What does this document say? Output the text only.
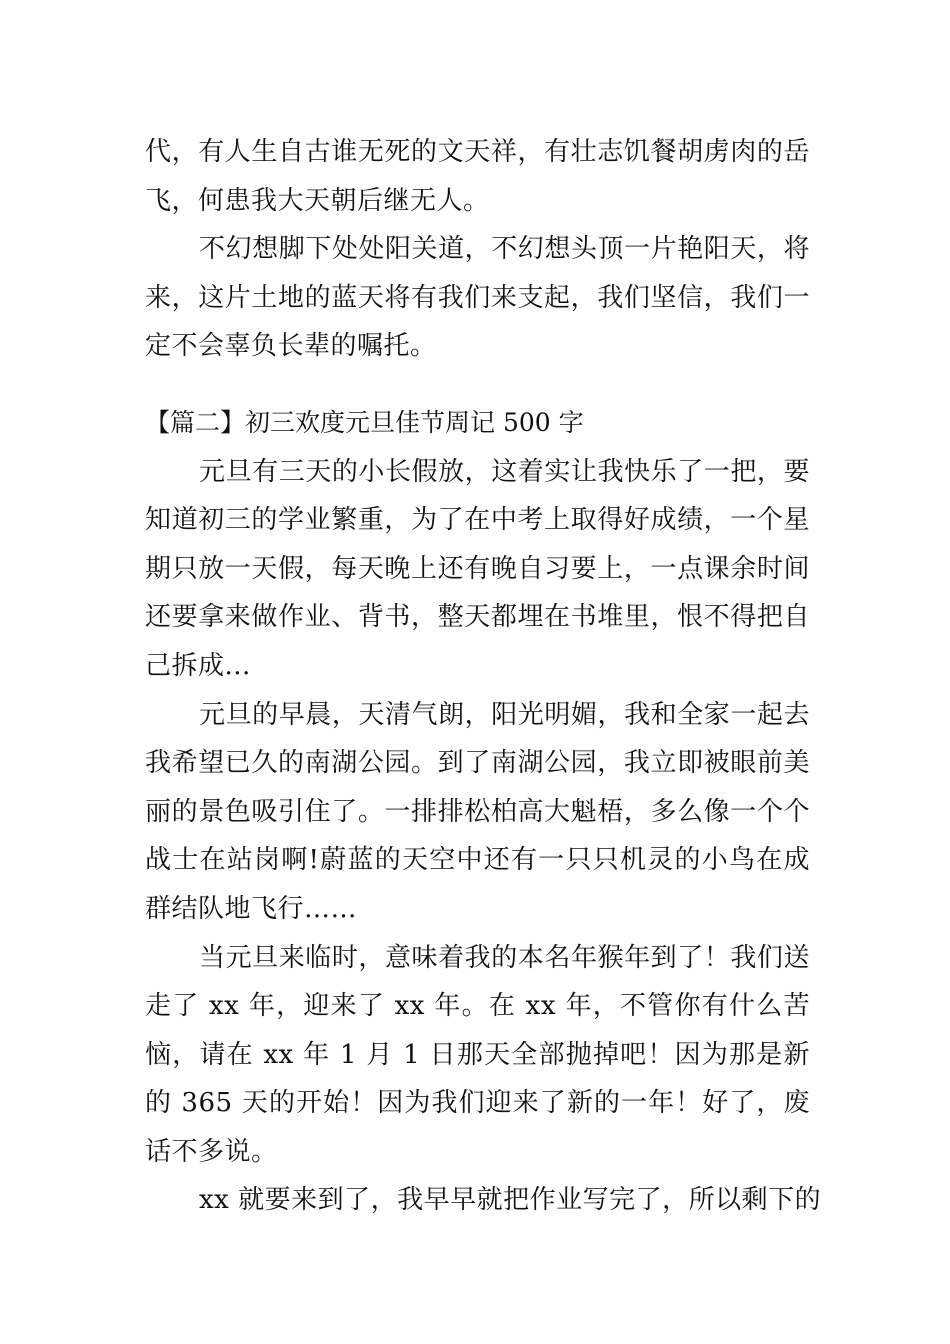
代，有人生自古谁无死的文天祥，有壮志饥餐胡虏肉的岳飞，何患我大天朝后继无人。

不幻想脚下处处阳关道，不幻想头顶一片艳阳天，将来，这片土地的蓝天将有我们来支起，我们坚信，我们一定不会辜负长辈的嘱托。

【篇二】初三欢度元旦佳节周记 500 字

元旦有三天的小长假放，这着实让我快乐了一把，要知道初三的学业繁重，为了在中考上取得好成绩，一个星期只放一天假，每天晚上还有晚自习要上，一点课余时间还要拿来做作业、背书，整天都埋在书堆里，恨不得把自己拆成...

元旦的早晨，天清气朗，阳光明媚，我和全家一起去我希望已久的南湖公园。到了南湖公园，我立即被眼前美丽的景色吸引住了。一排排松柏高大魁梧，多么像一个个战士在站岗啊!蔚蓝的天空中还有一只只机灵的小鸟在成群结队地飞行……

当元旦来临时，意味着我的本名年猴年到了！我们送走了 xx 年，迎来了 xx 年。在 xx 年，不管你有什么苦恼，请在 xx 年 1 月 1 日那天全部抛掉吧！因为那是新的 365 天的开始！因为我们迎来了新的一年！好了，废话不多说。

xx 就要来到了，我早早就把作业写完了，所以剩下的
